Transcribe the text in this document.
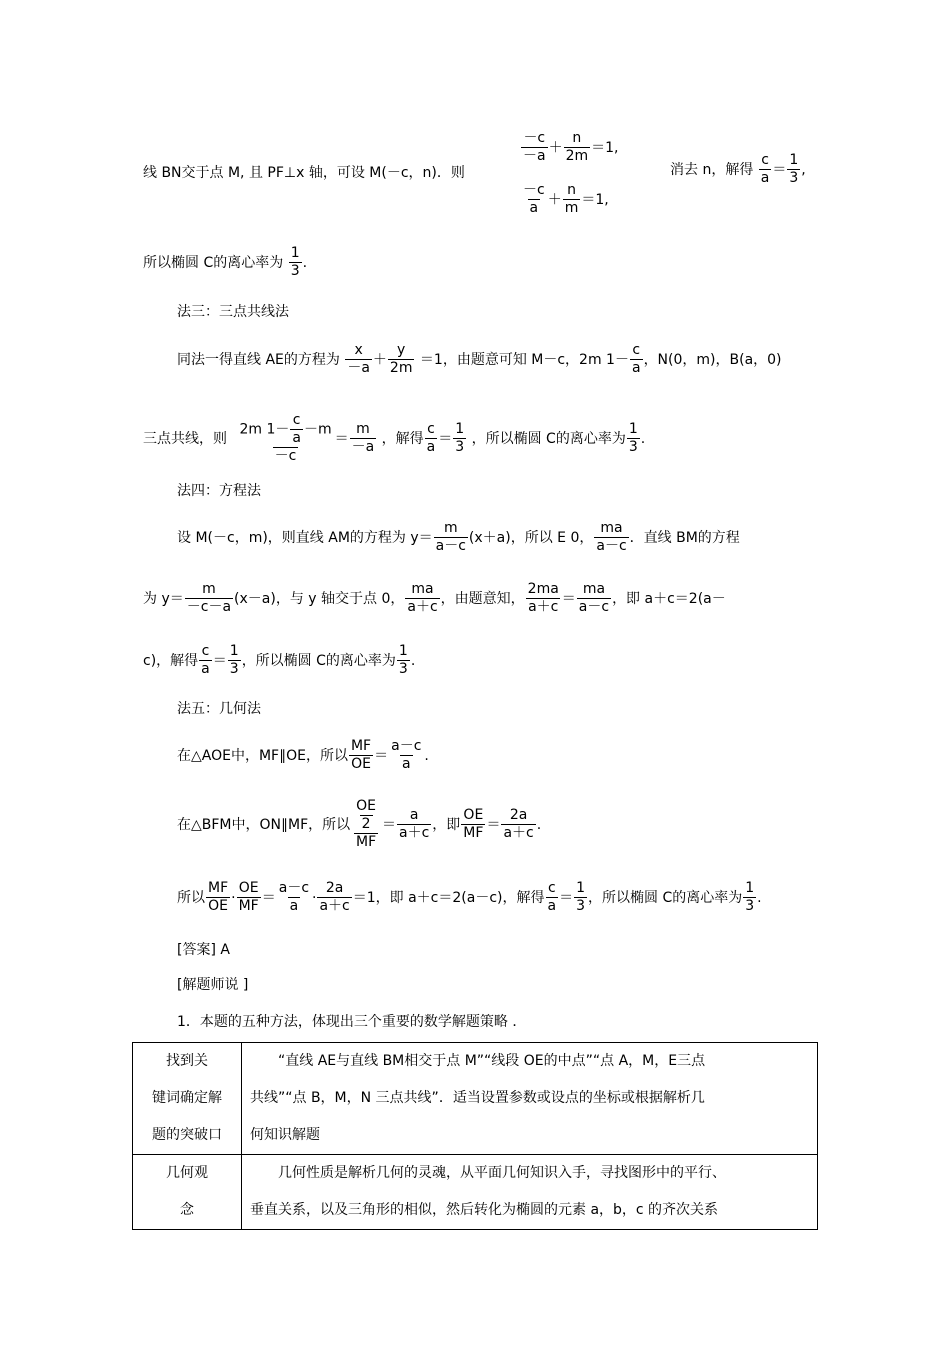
线 BN交于点 M, 且 PF⊥x 轴，可设 M(－c，n)．则
$\frac{-c}{-a} + \frac{n}{2m} =1$,
$\frac{-c}{a} + \frac{n}{m} =1$,
消去 n，解得 $\frac{c}{a} = \frac{1}{3}$ ,
所以椭圆 C的离心率为 $\frac{1}{3}$ .
法三：三点共线法
同法一得直线 AE的方程为 $\frac{x}{-a} + \frac{y}{2m} =1$，由题意可知 M－c，2m $1- \frac{c}{a}$ ，N(0，m)，B(a，0)
三点共线，则 $\frac{2m 1- \frac{c}{a} -m}{-c} = \frac{m}{-a}$ ，解得 $\frac{c}{a} = \frac{1}{3}$ ，所以椭圆 C的离心率为 $\frac{1}{3}$ .
法四：方程法
设 M(－c，m)，则直线 AM的方程为 $y= \frac{m}{a-c} (x+a)$，所以 E 0， $\frac{ma}{a-c}$ ．直线 BM的方程
为 $y= \frac{m}{-c-a} (x-a)$，与 y 轴交于点 0， $\frac{ma}{a+c}$ ，由题意知， $\frac{2ma}{a+c} = \frac{ma}{a-c}$ ，即 a＋c＝2(a－
c)，解得 $\frac{c}{a} = \frac{1}{3}$ ，所以椭圆 C的离心率为 $\frac{1}{3}$ .
法五：几何法
在△AOE中，MF∥OE，所以 $\frac{MF}{OE} = \frac{a-c}{a}$ .
在△BFM中，ON∥MF，所以 $\frac{\frac{OE}{2}}{MF} = \frac{a}{a+c}$ ，即 $\frac{OE}{MF} = \frac{2a}{a+c}$ .
所以 $\frac{MF}{OE} \cdot \frac{OE}{MF} = \frac{a-c}{a} \cdot \frac{2a}{a+c} =1$，即 a＋c＝2(a－c)，解得 $\frac{c}{a} = \frac{1}{3}$ ，所以椭圆 C的离心率为 $\frac{1}{3}$ .
[答案] A
[解题师说 ]
1．本题的五种方法，体现出三个重要的数学解题策略 ．
找到关
键词确定解
题的突破口	“直线 AE与直线 BM相交于点 M”“线段 OE的中点”“点 A，M，E三点
共线”“点 B，M，N 三点共线”．适当设置参数或设点的坐标或根据解析几
何知识解题

几何观
念	几何性质是解析几何的灵魂，从平面几何知识入手，寻找图形中的平行、
垂直关系，以及三角形的相似，然后转化为椭圆的元素 a，b，c 的齐次关系
